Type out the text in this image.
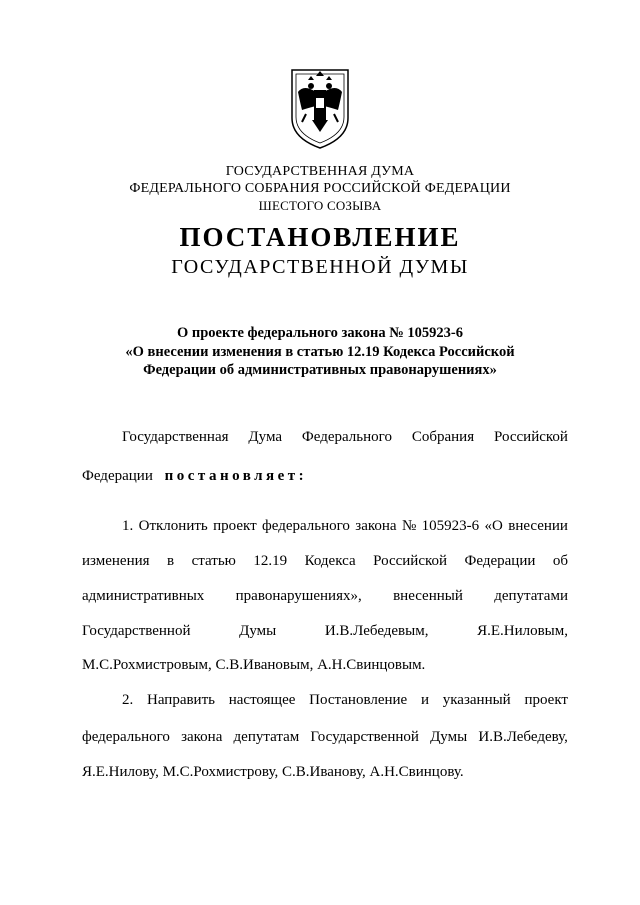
ГОСУДАРСТВЕННАЯ ДУМА
ФЕДЕРАЛЬНОГО СОБРАНИЯ РОССИЙСКОЙ ФЕДЕРАЦИИ
ШЕСТОГО СОЗЫВА
ПОСТАНОВЛЕНИЕ
ГОСУДАРСТВЕННОЙ ДУМЫ
О проекте федерального закона № 105923-6
«О внесении изменения в статью 12.19 Кодекса Российской
Федерации об административных правонарушениях»
Государственная Дума Федерального Собрания Российской
Федерации постановляет:
1. Отклонить проект федерального закона № 105923-6 «О внесении
изменения в статью 12.19 Кодекса Российской Федерации об
административных правонарушениях», внесенный депутатами
Государственной	Думы	И.В.Лебедевым,	Я.Е.Ниловым,
М.С.Рохмистровым, С.В.Ивановым, А.Н.Свинцовым.
2. Направить настоящее Постановление и указанный проект
федерального закона депутатам Государственной Думы И.В.Лебедеву,
Я.Е.Нилову, М.С.Рохмистрову, С.В.Иванову, А.Н.Свинцову.
